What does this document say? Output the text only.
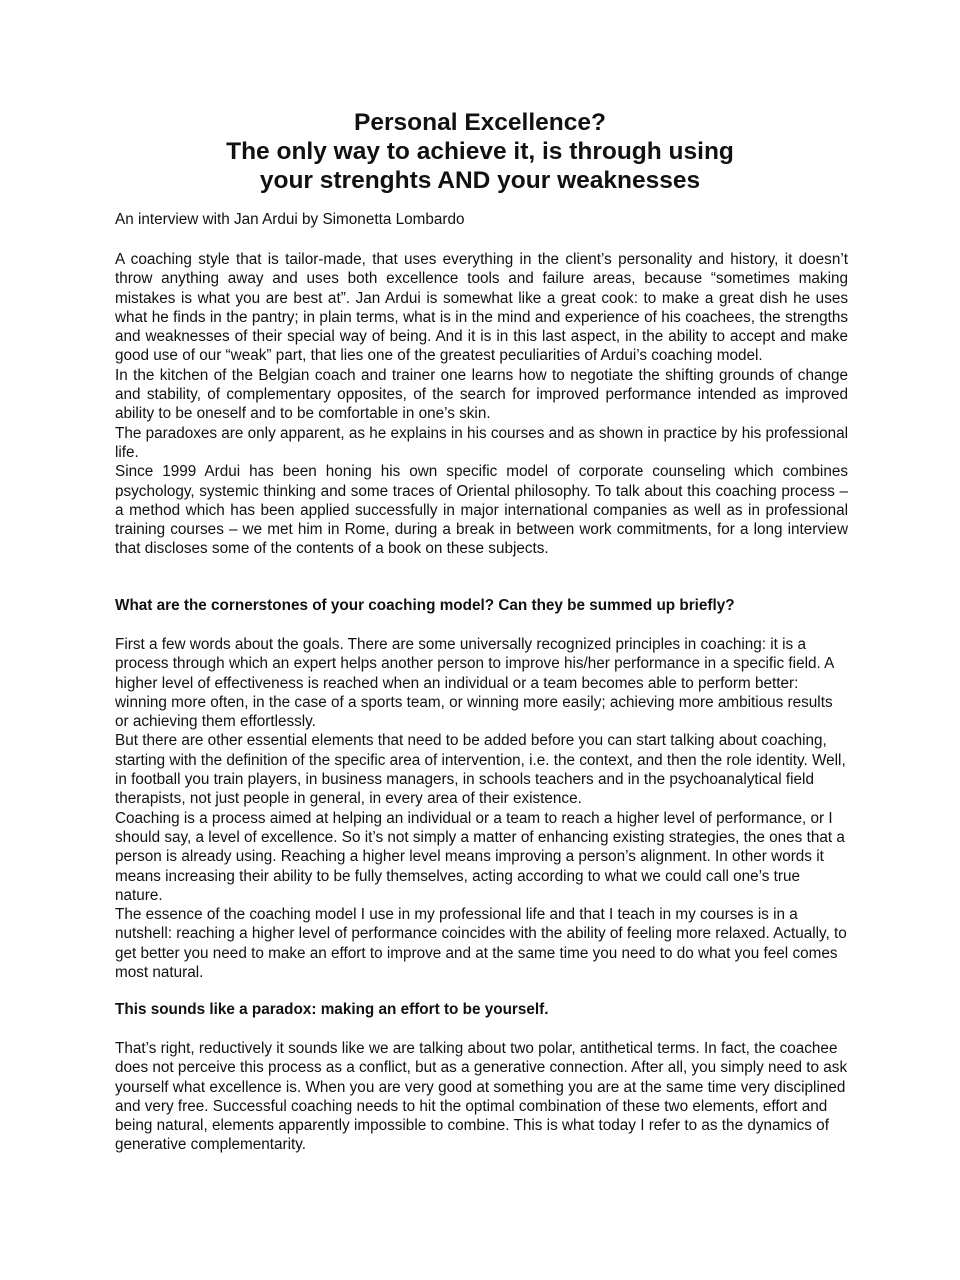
Personal Excellence?
The only way to achieve it, is through using
your strenghts AND your weaknesses
An interview with Jan Ardui by Simonetta Lombardo

A coaching style that is tailor-made, that uses everything in the client’s personality and history, it doesn’t throw anything away and uses both excellence tools and failure areas, because “sometimes making mistakes is what you are best at”. Jan Ardui is somewhat like a great cook: to make a great dish he uses what he finds in the pantry; in plain terms, what is in the mind and experience of his coachees, the strengths and weaknesses of their special way of being. And it is in this last aspect, in the ability to accept and make good use of our “weak” part, that lies one of the greatest peculiarities of Ardui’s coaching model.

In the kitchen of the Belgian coach and trainer one learns how to negotiate the shifting grounds of change and stability, of complementary opposites, of the search for improved performance intended as improved ability to be oneself and to be comfortable in one’s skin.

The paradoxes are only apparent, as he explains in his courses and as shown in practice by his professional life.

Since 1999 Ardui has been honing his own specific model of corporate counseling which combines psychology, systemic thinking and some traces of Oriental philosophy. To talk about this coaching process – a method which has been applied successfully in major international companies as well as in professional training courses – we met him in Rome, during a break in between work commitments, for a long interview that discloses some of the contents of a book on these subjects.

What are the cornerstones of your coaching model? Can they be summed up briefly?

First a few words about the goals. There are some universally recognized principles in coaching: it is a process through which an expert helps another person to improve his/her performance in a specific field. A higher level of effectiveness is reached when an individual or a team becomes able to perform better: winning more often, in the case of a sports team, or winning more easily; achieving more ambitious results or achieving them effortlessly.

But there are other essential elements that need to be added before you can start talking about coaching, starting with the definition of the specific area of intervention, i.e. the context, and then the role identity. Well, in football you train players, in business managers, in schools teachers and in the psychoanalytical field therapists, not just people in general, in every area of their existence.

Coaching is a process aimed at helping an individual or a team to reach a higher level of performance, or I should say, a level of excellence. So it’s not simply a matter of enhancing existing strategies, the ones that a person is already using. Reaching a higher level means improving a person’s alignment. In other words it means increasing their ability to be fully themselves, acting according to what we could call one’s true nature.

The essence of the coaching model I use in my professional life and that I teach in my courses is in a nutshell: reaching a higher level of performance coincides with the ability of feeling more relaxed. Actually, to get better you need to make an effort to improve and at the same time you need to do what you feel comes most natural.

This sounds like a paradox: making an effort to be yourself.

That’s right, reductively it sounds like we are talking about two polar, antithetical terms. In fact, the coachee does not perceive this process as a conflict, but as a generative connection. After all, you simply need to ask yourself what excellence is. When you are very good at something you are at the same time very disciplined and very free. Successful coaching needs to hit the optimal combination of these two elements, effort and being natural, elements apparently impossible to combine. This is what today I refer to as the dynamics of generative complementarity.
